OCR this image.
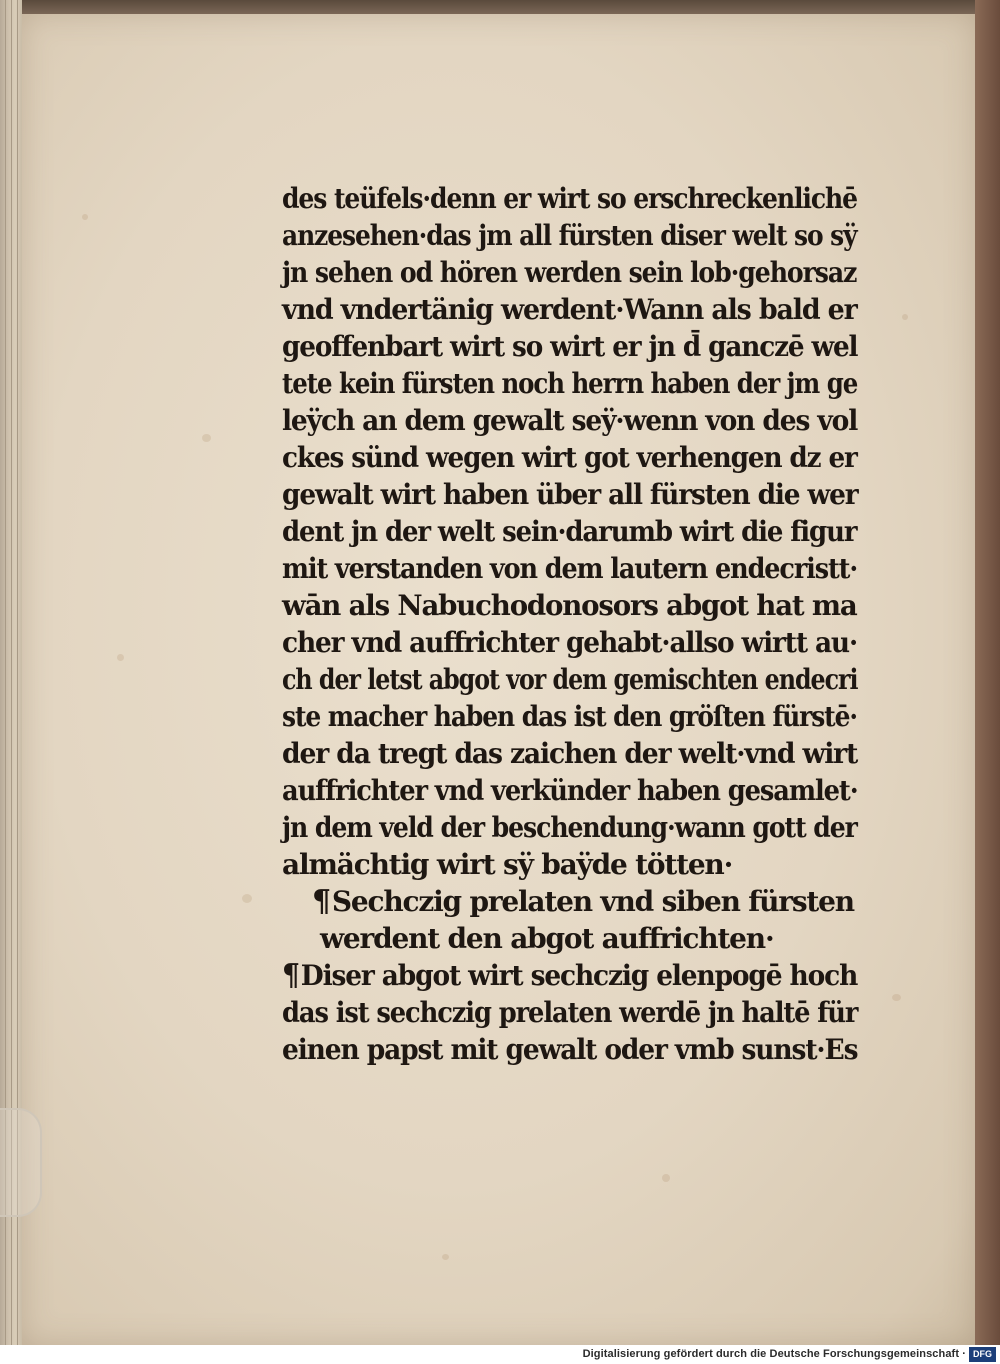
des teüfels·denn er wirt so erschreckenlichē
anzesehen·das jm all fürsten diser welt so sÿ
jn sehen od hören werden sein lob·gehorsaz
vnd vndertänig werdent·Wann als bald er
geoffenbart wirt so wirt er jn d̄ ganczē wel
tete kein fürsten noch herrn haben der jm ge
leÿch an dem gewalt seÿ·wenn von des vol
ckes sünd wegen wirt got verhengen dz er
gewalt wirt haben über all fürsten die wer
dent jn der welt sein·darumb wirt die figur
mit verstanden von dem lautern endecristt·
wān als Nabuchodonosors abgot hat ma
cher vnd auffrichter gehabt·allso wirtt au·
ch der letst abgot vor dem gemischten endecri
ste macher haben das ist den gröſten fürstē·
der da tregt das zaichen der welt·vnd wirt
auffrichter vnd verkünder haben gesamlet·
jn dem veld der beschendung·wann gott der
almächtig wirt sÿ baÿde tötten·
¶Sechczig prelaten vnd siben fürsten
werdent den abgot auffrichten·
¶Diser abgot wirt sechczig elenpogē hoch
das ist sechczig prelaten werdē jn haltē für
einen papst mit gewalt oder vmb sunst·Es
Digitalisierung gefördert durch die Deutsche Forschungsgemeinschaft · DFG
